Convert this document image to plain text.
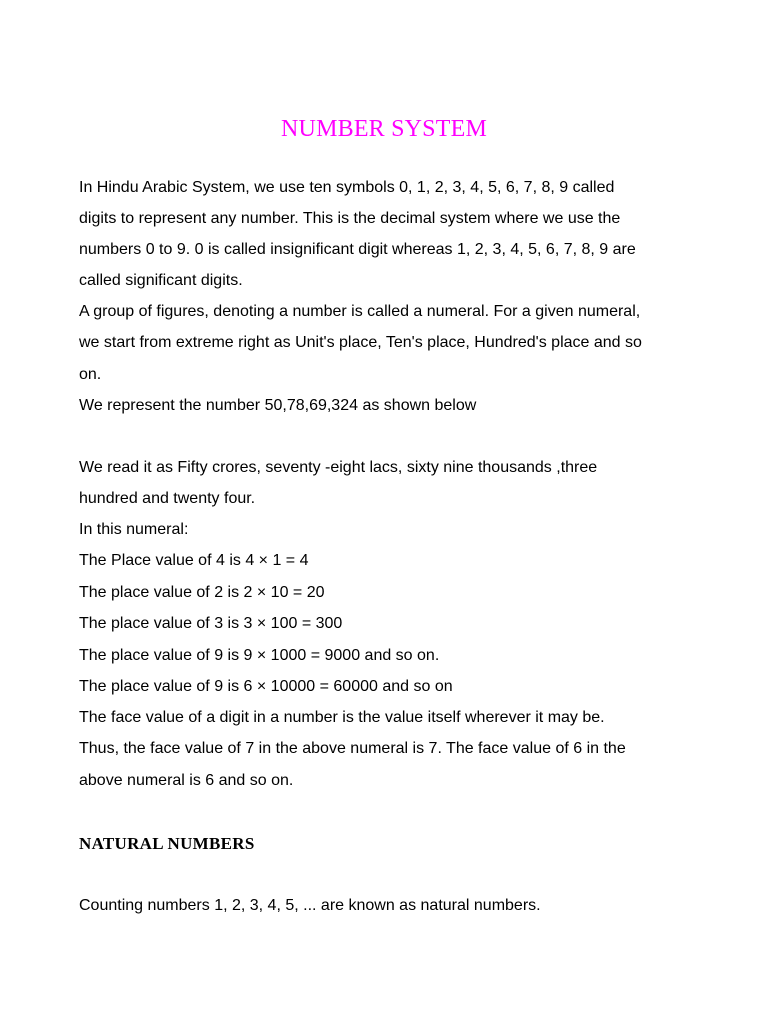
NUMBER SYSTEM

In Hindu Arabic System, we use ten symbols 0, 1, 2, 3, 4, 5, 6, 7, 8, 9 called

digits to represent any number. This is the decimal system where we use the

numbers 0 to 9. 0 is called insignificant digit whereas 1, 2, 3, 4, 5, 6, 7, 8, 9 are

called significant digits.

A group of figures, denoting a number is called a numeral. For a given numeral,

we start from extreme right as Unit's place, Ten's place, Hundred's place and so

on.

We represent the number 50,78,69,324 as shown below

We read it as Fifty crores, seventy -eight lacs, sixty nine thousands ,three

hundred and twenty four.

In this numeral:

The Place value of 4 is 4 × 1 = 4

The place value of 2 is 2 × 10 = 20

The place value of 3 is 3 × 100 = 300

The place value of 9 is 9 × 1000 = 9000 and so on.

The place value of 9 is 6 × 10000 = 60000 and so on

The face value of a digit in a number is the value itself wherever it may be.

Thus, the face value of 7 in the above numeral is 7. The face value of 6 in the

above numeral is 6 and so on.

NATURAL NUMBERS

Counting numbers 1, 2, 3, 4, 5, ... are known as natural numbers.
